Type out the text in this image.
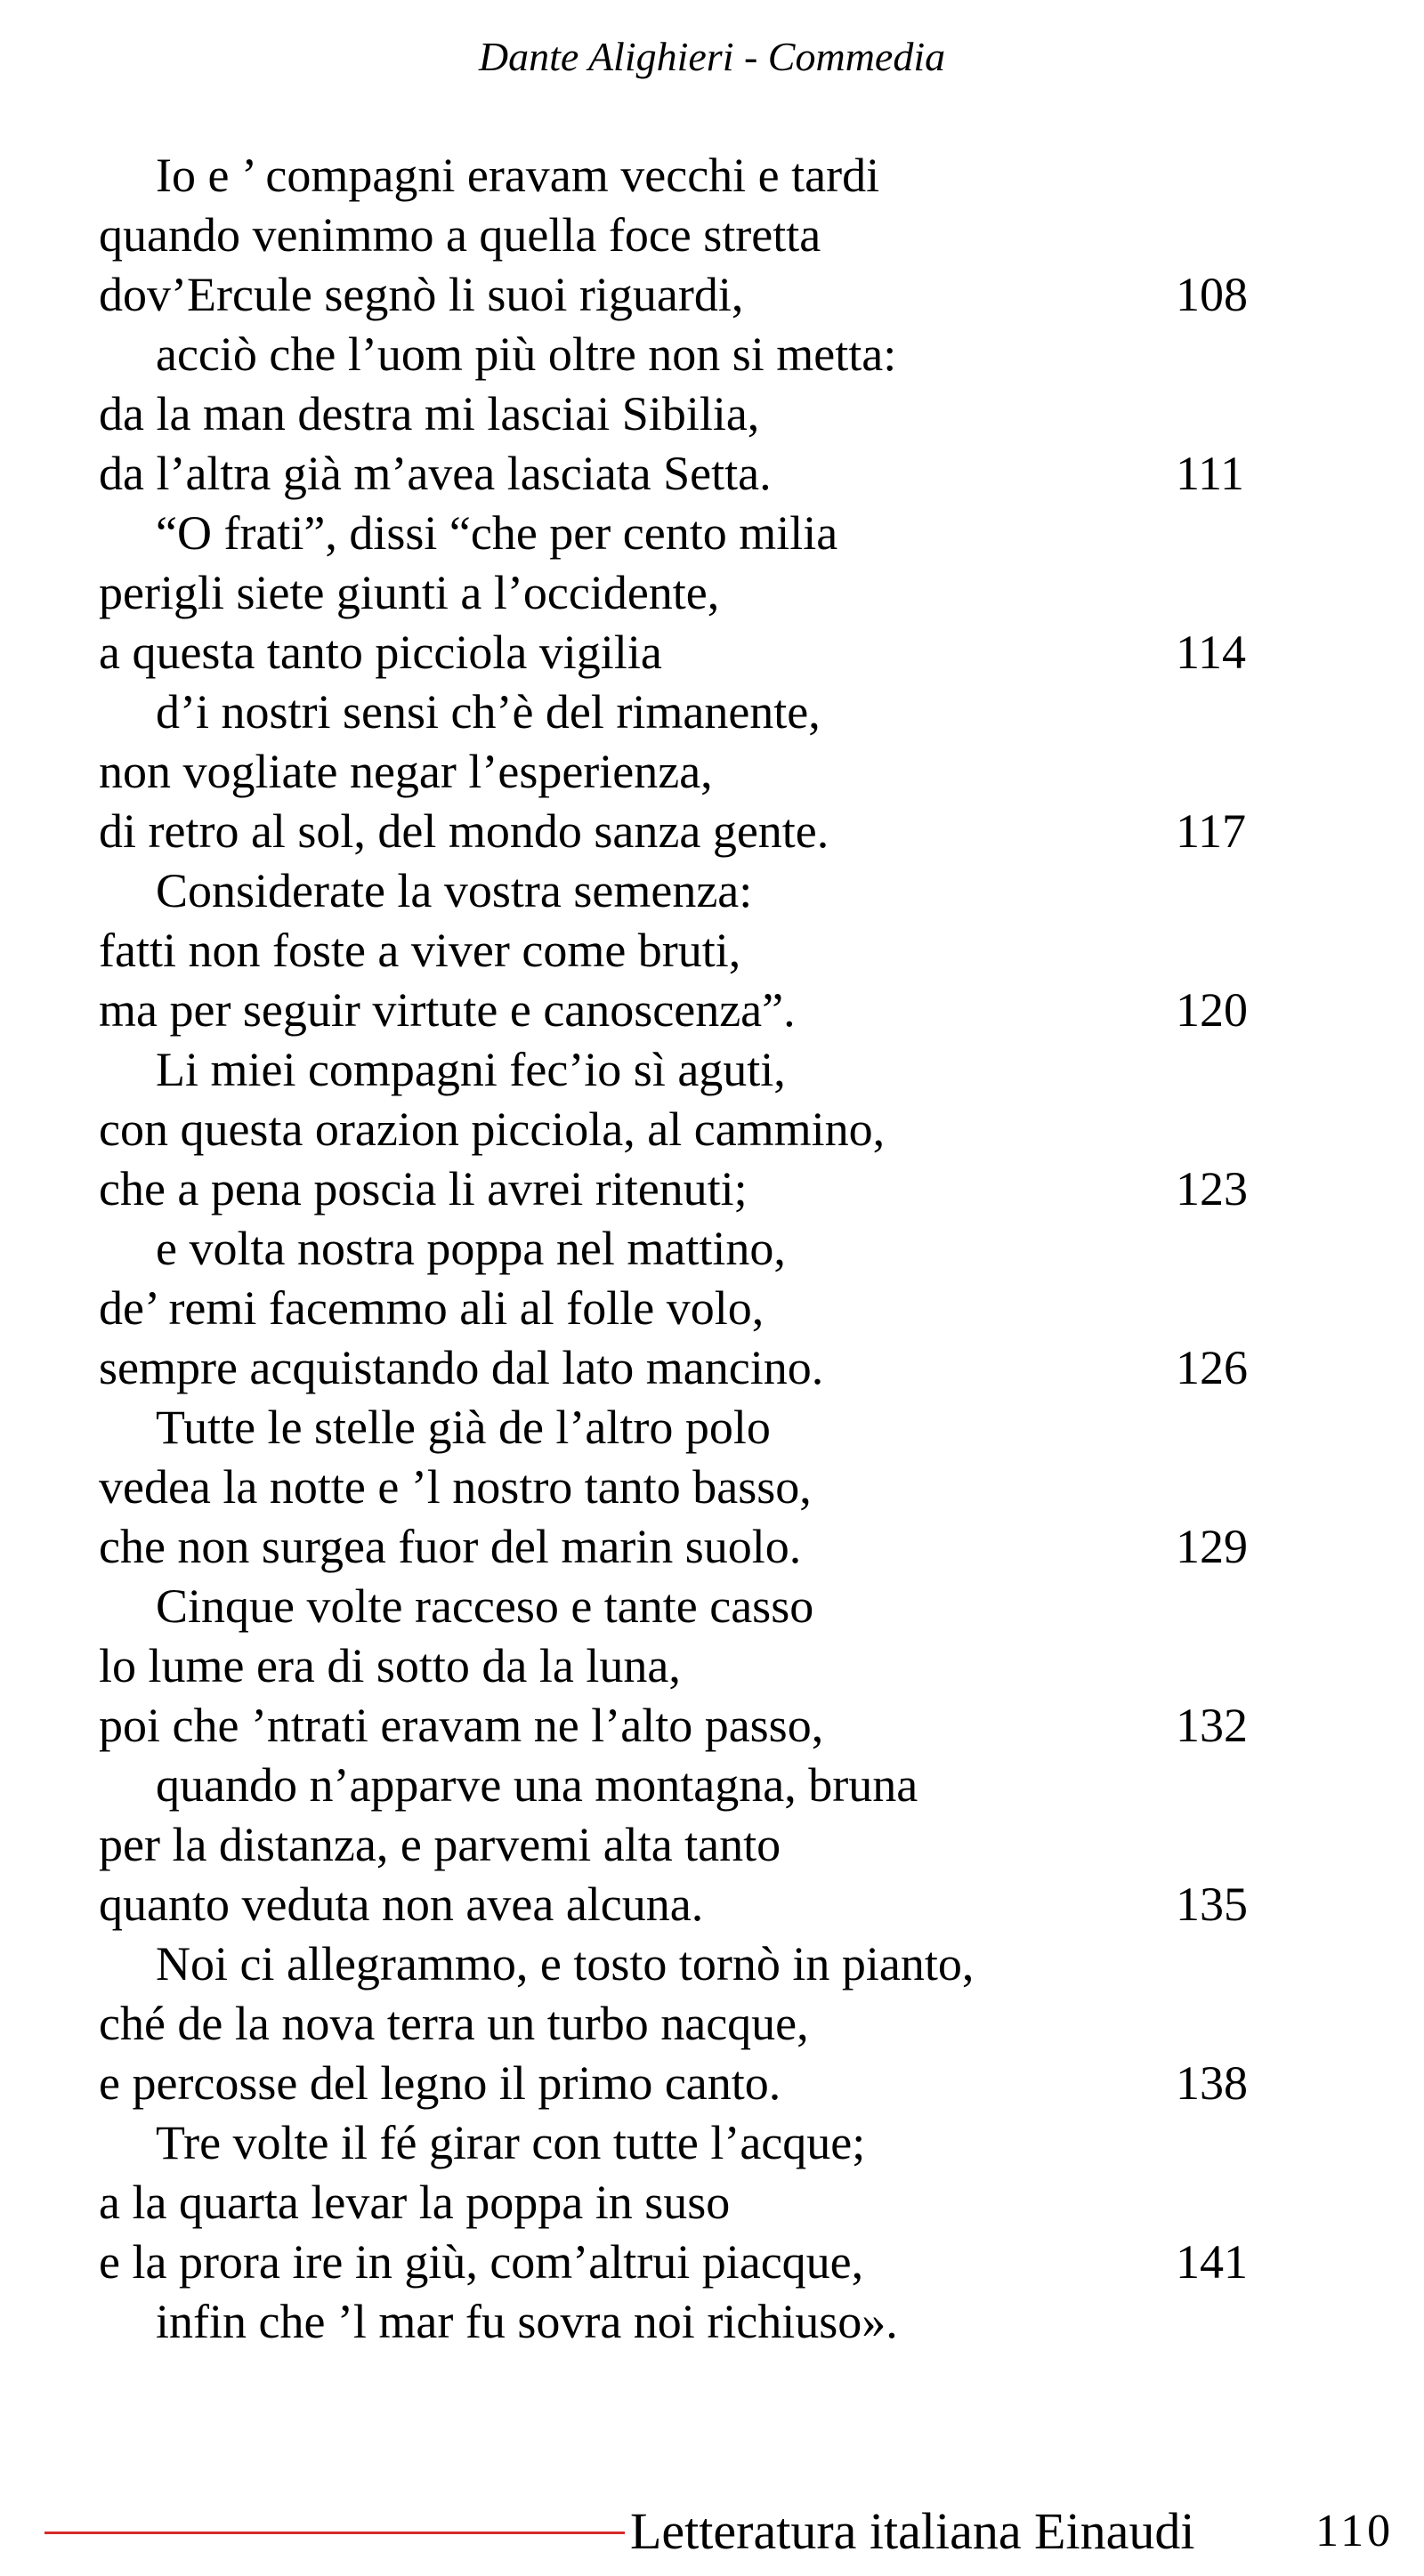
Dante Alighieri - Commedia
Io e ’ compagni eravam vecchi e tardi
quando venimmo a quella foce stretta
dov’Ercule segnò li suoi riguardi,	108
acciò che l’uom più oltre non si metta:
da la man destra mi lasciai Sibilia,
da l’altra già m’avea lasciata Setta.	111
“O frati”, dissi “che per cento milia
perigli siete giunti a l’occidente,
a questa tanto picciola vigilia	114
d’i nostri sensi ch’è del rimanente,
non vogliate negar l’esperienza,
di retro al sol, del mondo sanza gente.	117
Considerate la vostra semenza:
fatti non foste a viver come bruti,
ma per seguir virtute e canoscenza”.	120
Li miei compagni fec’io sì aguti,
con questa orazion picciola, al cammino,
che a pena poscia li avrei ritenuti;	123
e volta nostra poppa nel mattino,
de’ remi facemmo ali al folle volo,
sempre acquistando dal lato mancino.	126
Tutte le stelle già de l’altro polo
vedea la notte e ’l nostro tanto basso,
che non surgea fuor del marin suolo.	129
Cinque volte racceso e tante casso
lo lume era di sotto da la luna,
poi che ’ntrati eravam ne l’alto passo,	132
quando n’apparve una montagna, bruna
per la distanza, e parvemi alta tanto
quanto veduta non avea alcuna.	135
Noi ci allegrammo, e tosto tornò in pianto,
ché de la nova terra un turbo nacque,
e percosse del legno il primo canto.	138
Tre volte il fé girar con tutte l’acque;
a la quarta levar la poppa in suso
e la prora ire in giù, com’altrui piacque,	141
infin che ’l mar fu sovra noi richiuso».
Letteratura italiana Einaudi	110
